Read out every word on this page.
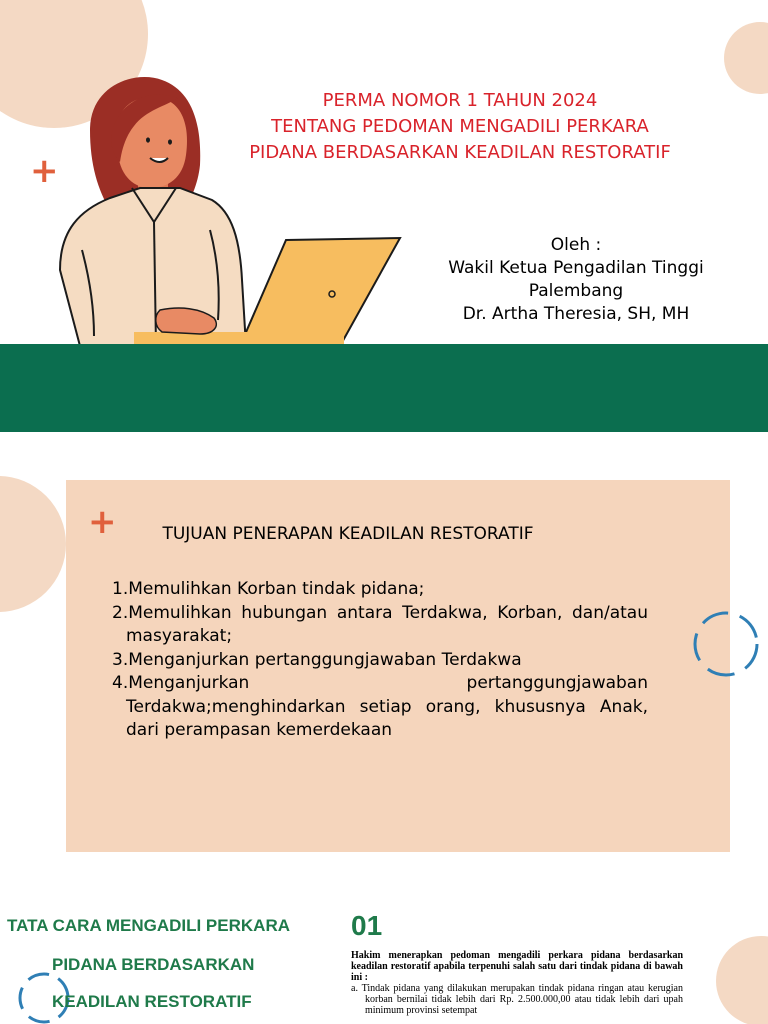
+
PERMA NOMOR 1 TAHUN 2024
TENTANG PEDOMAN MENGADILI PERKARA
PIDANA BERDASARKAN KEADILAN RESTORATIF
Oleh :
Wakil Ketua Pengadilan Tinggi
Palembang
Dr. Artha Theresia, SH, MH
+	TUJUAN PENERAPAN KEADILAN RESTORATIF
1.Memulihkan Korban tindak pidana;
2.Memulihkan hubungan antara Terdakwa, Korban, dan/atau masyarakat;
3.Menganjurkan pertanggungjawaban Terdakwa
4.Menganjurkan pertanggungjawaban Terdakwa;menghindarkan setiap orang, khususnya Anak, dari perampasan kemerdekaan
TATA CARA MENGADILI PERKARA
PIDANA BERDASARKAN
KEADILAN RESTORATIF
01
Hakim menerapkan pedoman mengadili perkara pidana berdasarkan keadilan restoratif apabila terpenuhi salah satu dari tindak pidana di bawah ini :
a. Tindak pidana yang dilakukan merupakan tindak pidana ringan atau kerugian korban bernilai tidak lebih dari Rp. 2.500.000,00 atau tidak lebih dari upah minimum provinsi setempat
